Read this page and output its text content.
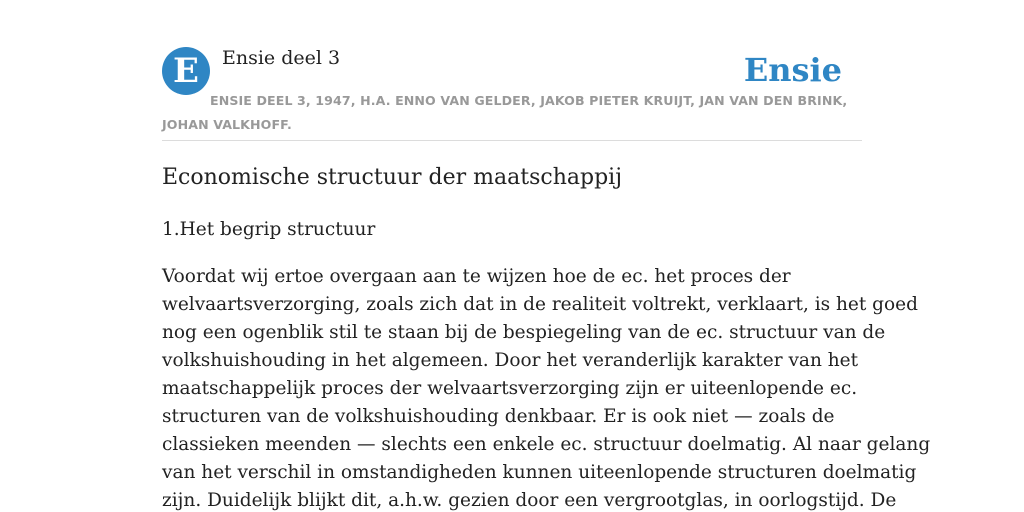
E	Ensie deel 3	Ensie
ENSIE DEEL 3, 1947, H.A. ENNO VAN GELDER, JAKOB PIETER KRUIJT, JAN VAN DEN BRINK, JOHAN VALKHOFF.
Economische structuur der maatschappij
1.Het begrip structuur

Voordat wij ertoe overgaan aan te wijzen hoe de ec. het proces der
welvaartsverzorging, zoals zich dat in de realiteit voltrekt, verklaart, is het goed
nog een ogenblik stil te staan bij de bespiegeling van de ec. structuur van de
volkshuishouding in het algemeen. Door het veranderlijk karakter van het
maatschappelijk proces der welvaartsverzorging zijn er uiteenlopende ec.
structuren van de volkshuishouding denkbaar. Er is ook niet — zoals de
classieken meenden — slechts een enkele ec. structuur doelmatig. Al naar gelang
van het verschil in omstandigheden kunnen uiteenlopende structuren doelmatig
zijn. Duidelijk blijkt dit, a.h.w. gezien door een vergrootglas, in oorlogstijd. De
